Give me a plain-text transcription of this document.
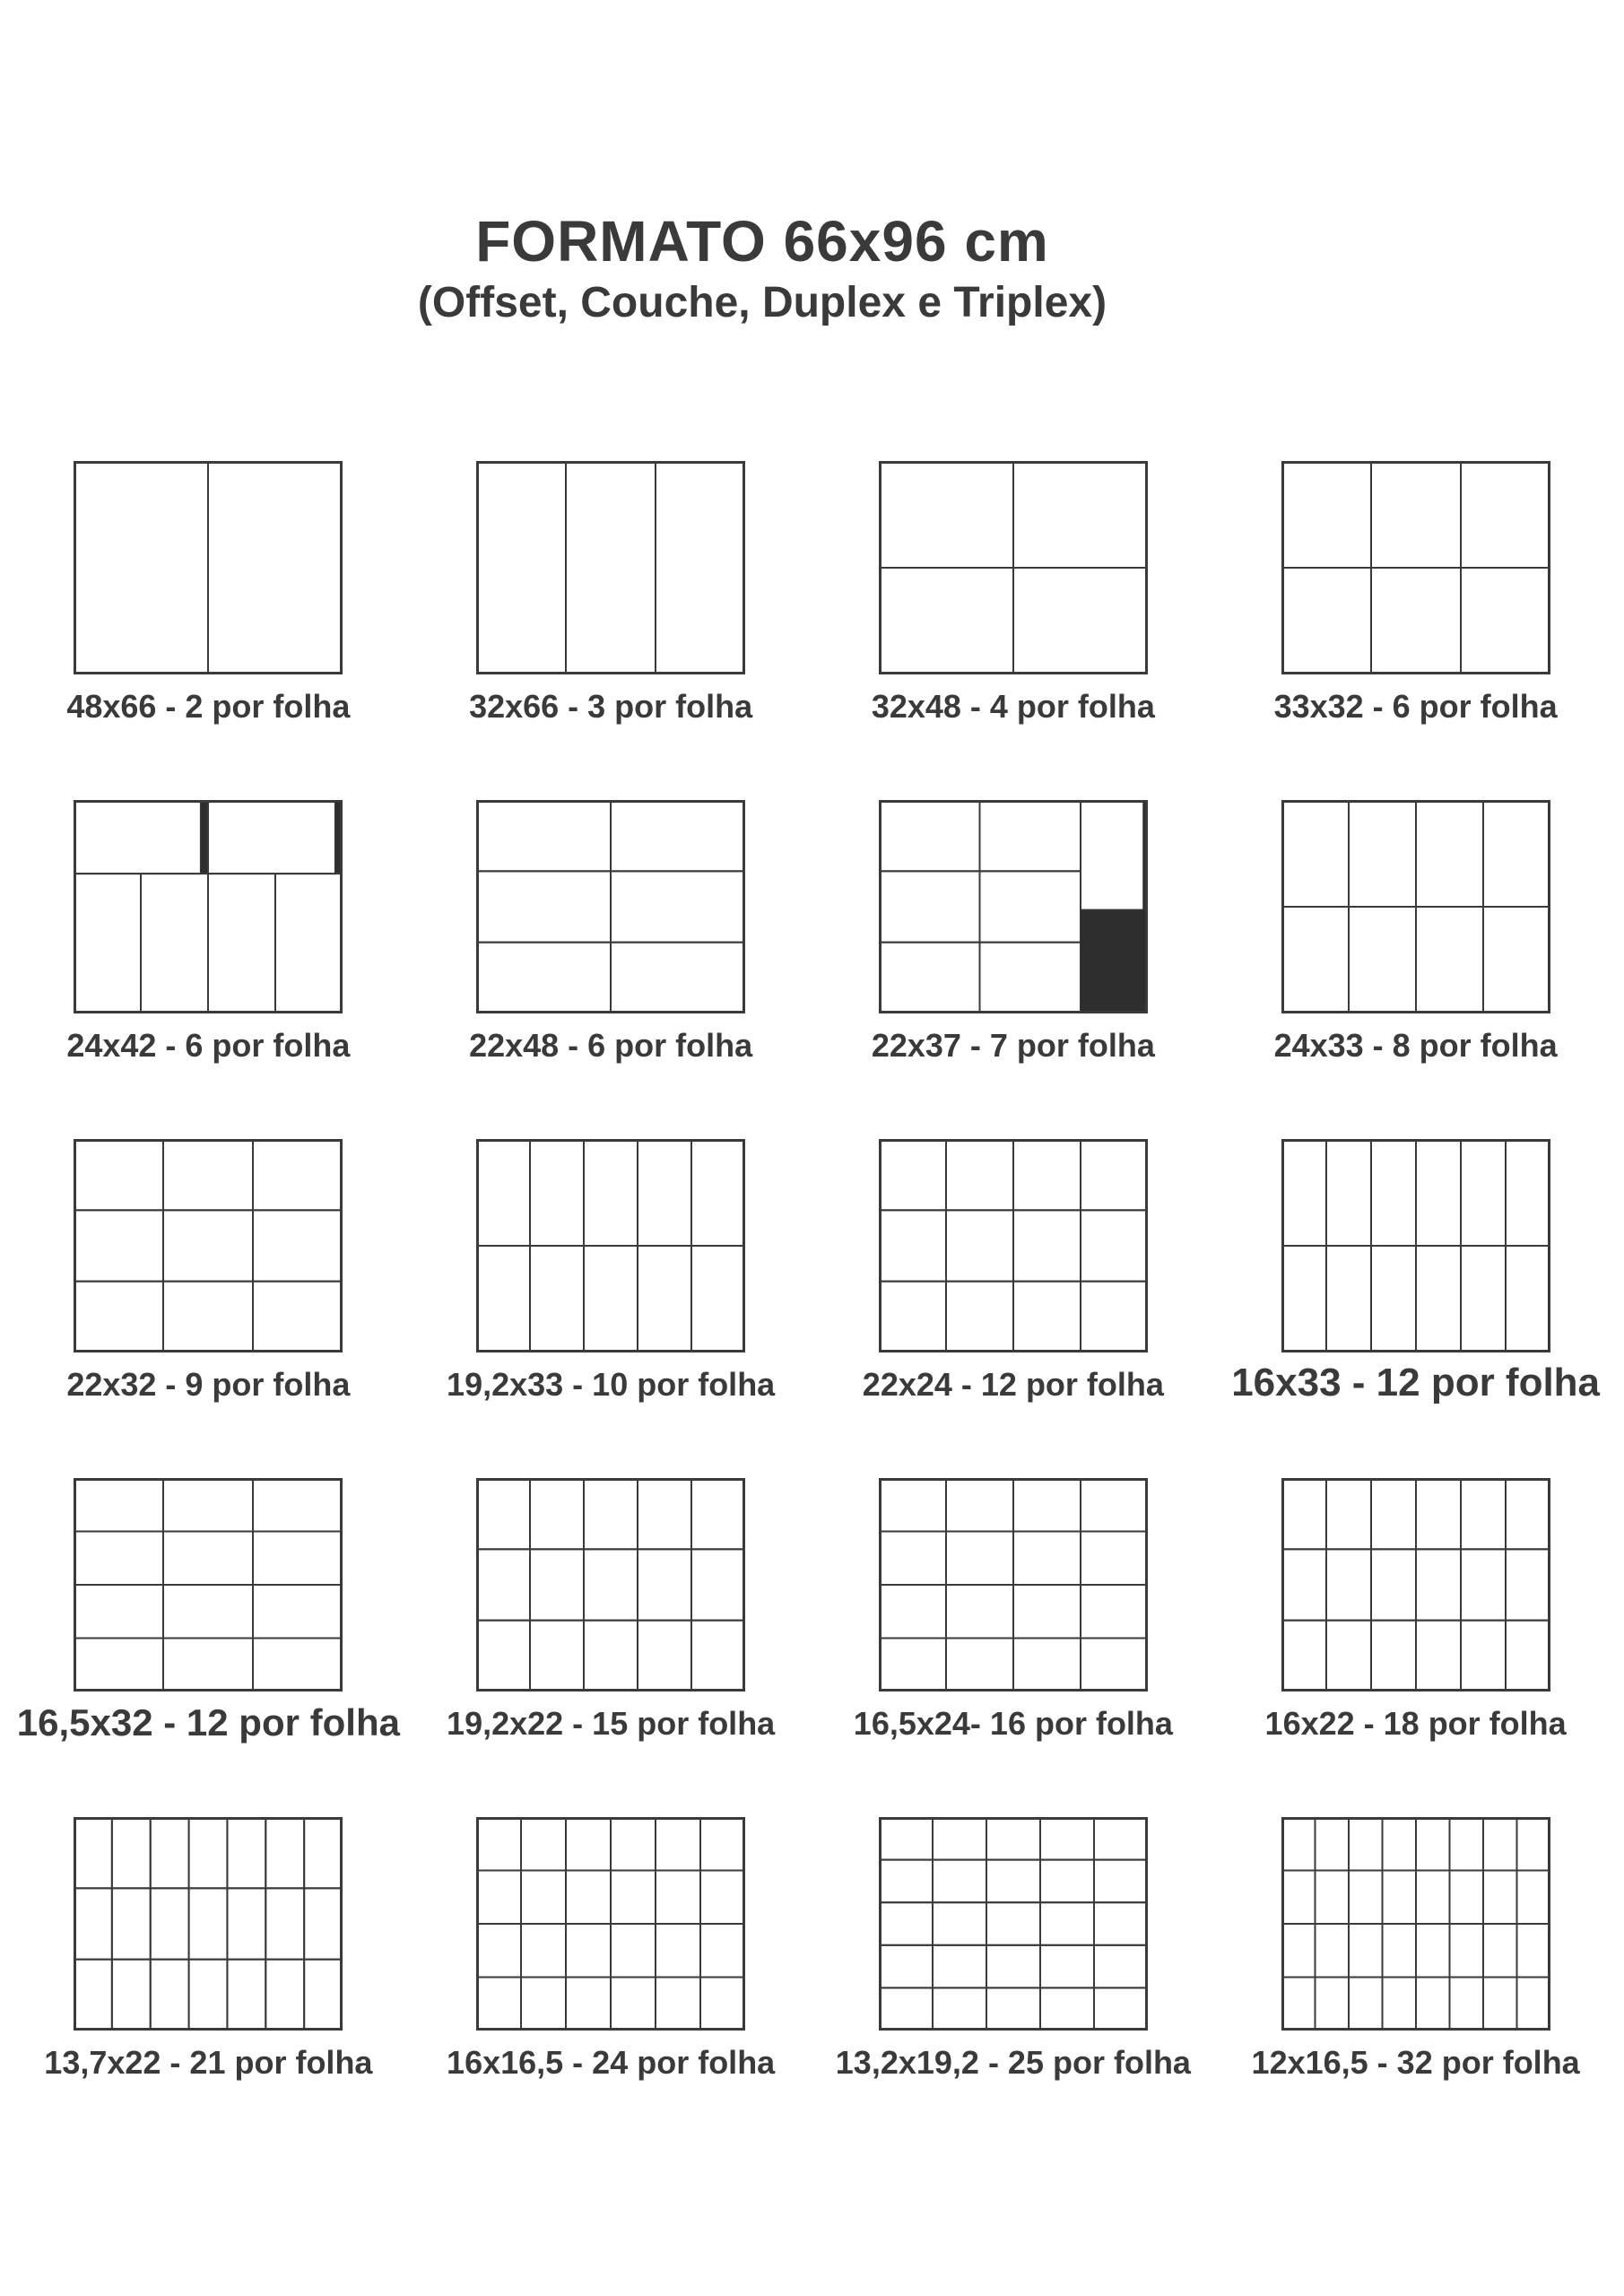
FORMATO 66x96 cm
(Offset, Couche, Duplex e Triplex)
48x66 - 2 por folha	32x66 - 3 por folha	32x48 - 4 por folha	33x32 - 6 por folha
24x42 - 6 por folha	22x48 - 6 por folha	22x37 - 7 por folha	24x33 - 8 por folha
22x32 - 9 por folha	19,2x33 - 10 por folha	22x24 - 12 por folha 16x33 - 12 por folha
16,5x32 - 12 por folha 19,2x22 - 15 por folha 16,5x24- 16 por folha	16x22 - 18 por folha
13,7x22 - 21 por folha 16x16,5 - 24 por folha 13,2x19,2 - 25 por folha 12x16,5 - 32 por folha
